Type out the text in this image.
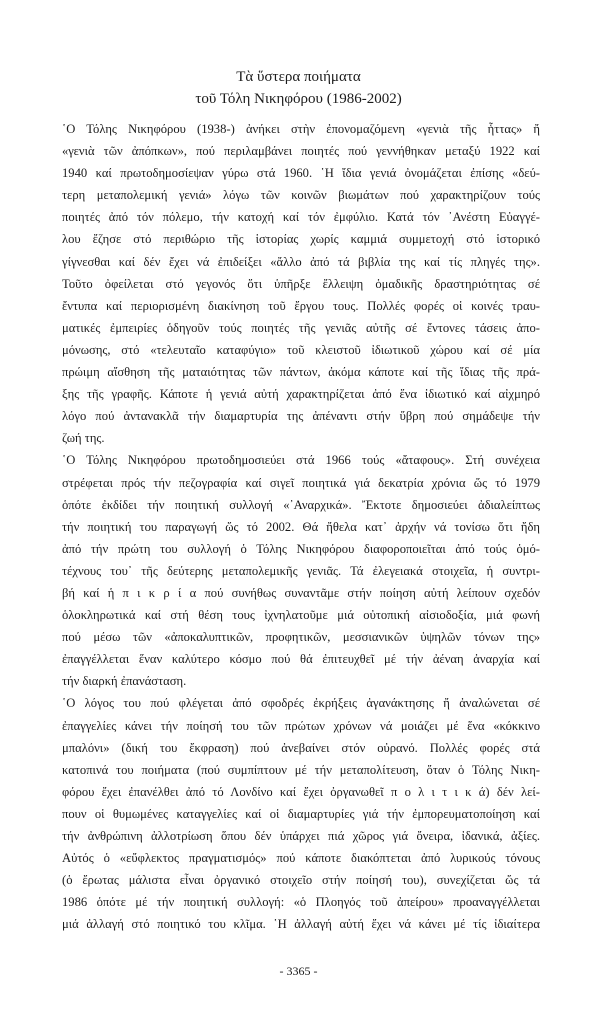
Τὰ ὕστερα ποιήματα
τοῦ Τόλη Νικηφόρου (1986-2002)
῾Ο Τόλης Νικηφόρου (1938-) ἀνήκει στὴν ἐπονομαζόμενη «γενιὰ τῆς ἧττας» ἤ
«γενιὰ τῶν ἀπόπκων», πού περιλαμβάνει ποιητές πού γεννήθηκαν μεταξύ 1922 καί
1940 καί πρωτοδημοσίεψαν γύρω στά 1960. ῾Η ἴδια γενιά ὀνομάζεται ἐπίσης «δεύ-
τερη μεταπολεμική γενιά» λόγω τῶν κοινῶν βιωμάτων πού χαρακτηρίζουν τούς
ποιητές ἀπό τόν πόλεμο, τήν κατοχή καί τόν ἐμφύλιο. Κατά τόν ᾿Ανέστη Εὐαγγέ-
λου ἔζησε στό περιθώριο τῆς ἱστορίας χωρίς καμμιά συμμετοχή στό ἱστορικό
γίγνεσθαι καί δέν ἔχει νά ἐπιδείξει «ἄλλο ἀπό τά βιβλία της καί τίς πληγές της».
Τοῦτο ὀφείλεται στό γεγονός ὅτι ὑπῆρξε ἔλλειψη ὁμαδικῆς δραστηριότητας σέ
ἔντυπα καί περιορισμένη διακίνηση τοῦ ἔργου τους. Πολλές φορές οἱ κοινές τραυ-
ματικές ἐμπειρίες ὁδηγοῦν τούς ποιητές τῆς γενιᾶς αὐτῆς σέ ἔντονες τάσεις ἀπο-
μόνωσης, στό «τελευταῖο καταφύγιο» τοῦ κλειστοῦ ἰδιωτικοῦ χώρου καί σέ μία
πρώιμη αἴσθηση τῆς ματαιότητας τῶν πάντων, ἀκόμα κάποτε καί τῆς ἴδιας τῆς πρά-
ξης τῆς γραφῆς. Κάποτε ἡ γενιά αὐτή χαρακτηρίζεται ἀπό ἕνα ἰδιωτικό καί αἰχμηρό
λόγο πού ἀντανακλᾶ τήν διαμαρτυρία της ἀπέναντι στήν ὕβρη πού σημάδεψε τήν
ζωή της.
῾Ο Τόλης Νικηφόρου πρωτοδημοσιεύει στά 1966 τούς «ἄταφους». Στή συνέχεια
στρέφεται πρός τήν πεζογραφία καί σιγεῖ ποιητικά γιά δεκατρία χρόνια ὥς τό 1979
ὁπότε ἐκδίδει τήν ποιητική συλλογή «᾿Αναρχικά». Ἔκτοτε δημοσιεύει ἀδιαλείπτως
τήν ποιητική του παραγωγή ὥς τό 2002. Θά ἤθελα κατ᾿ ἀρχήν νά τονίσω ὅτι ἤδη
ἀπό τήν πρώτη του συλλογή ὁ Τόλης Νικηφόρου διαφοροποιεῖται ἀπό τούς ὁμό-
τέχνους του᾿ τῆς δεύτερης μεταπολεμικῆς γενιᾶς. Τά ἐλεγειακά στοιχεῖα, ἡ συντρι-
βή καί ἡ π ι κ ρ ί α πού συνήθως συναντᾶμε στήν ποίηση αὐτή λείπουν σχεδόν
ὁλοκληρωτικά καί στή θέση τους ἰχνηλατοῦμε μιά οὐτοπική αἰσιοδοξία, μιά φωνή
πού μέσω τῶν «ἀποκαλυπτικῶν, προφητικῶν, μεσσιανικῶν ὑψηλῶν τόνων της»
ἐπαγγέλλεται ἕναν καλύτερο κόσμο πού θά ἐπιτευχθεῖ μέ τήν ἀέναη ἀναρχία καί
τήν διαρκή ἐπανάσταση.
῾Ο λόγος του πού φλέγεται ἀπό σφοδρές ἐκρήξεις ἀγανάκτησης ἤ ἀναλώνεται σέ
ἐπαγγελίες κάνει τήν ποίησή του τῶν πρώτων χρόνων νά μοιάζει μέ ἕνα «κόκκινο
μπαλόνι» (δική του ἔκφραση) πού ἀνεβαίνει στόν οὐρανό. Πολλές φορές στά
κατοπινά του ποιήματα (πού συμπίπτουν μέ τήν μεταπολίτευση, ὅταν ὁ Τόλης Νικη-
φόρου ἔχει ἐπανέλθει ἀπό τό Λονδίνο καί ἔχει ὀργανωθεῖ π ο λ ι τ ι κ ά) δέν λεί-
πουν οἱ θυμωμένες καταγγελίες καί οἱ διαμαρτυρίες γιά τήν ἐμπορευματοποίηση καί
τήν ἀνθρώπινη ἀλλοτρίωση ὅπου δέν ὑπάρχει πιά χῶρος γιά ὄνειρα, ἰδανικά, ἀξίες.
Αὐτός ὁ «εὔφλεκτος πραγματισμός» πού κάποτε διακόπτεται ἀπό λυρικούς τόνους
(ὁ ἔρωτας μάλιστα εἶναι ὀργανικό στοιχεῖο στήν ποίησή του), συνεχίζεται ὥς τά
1986 ὁπότε μέ τήν ποιητική συλλογή: «ὁ Πλοηγός τοῦ ἀπείρου» προαναγγέλλεται
μιά ἀλλαγή στό ποιητικό του κλῖμα. ῾Η ἀλλαγή αὐτή ἔχει νά κάνει μέ τίς ἰδιαίτερα
- 3365 -
